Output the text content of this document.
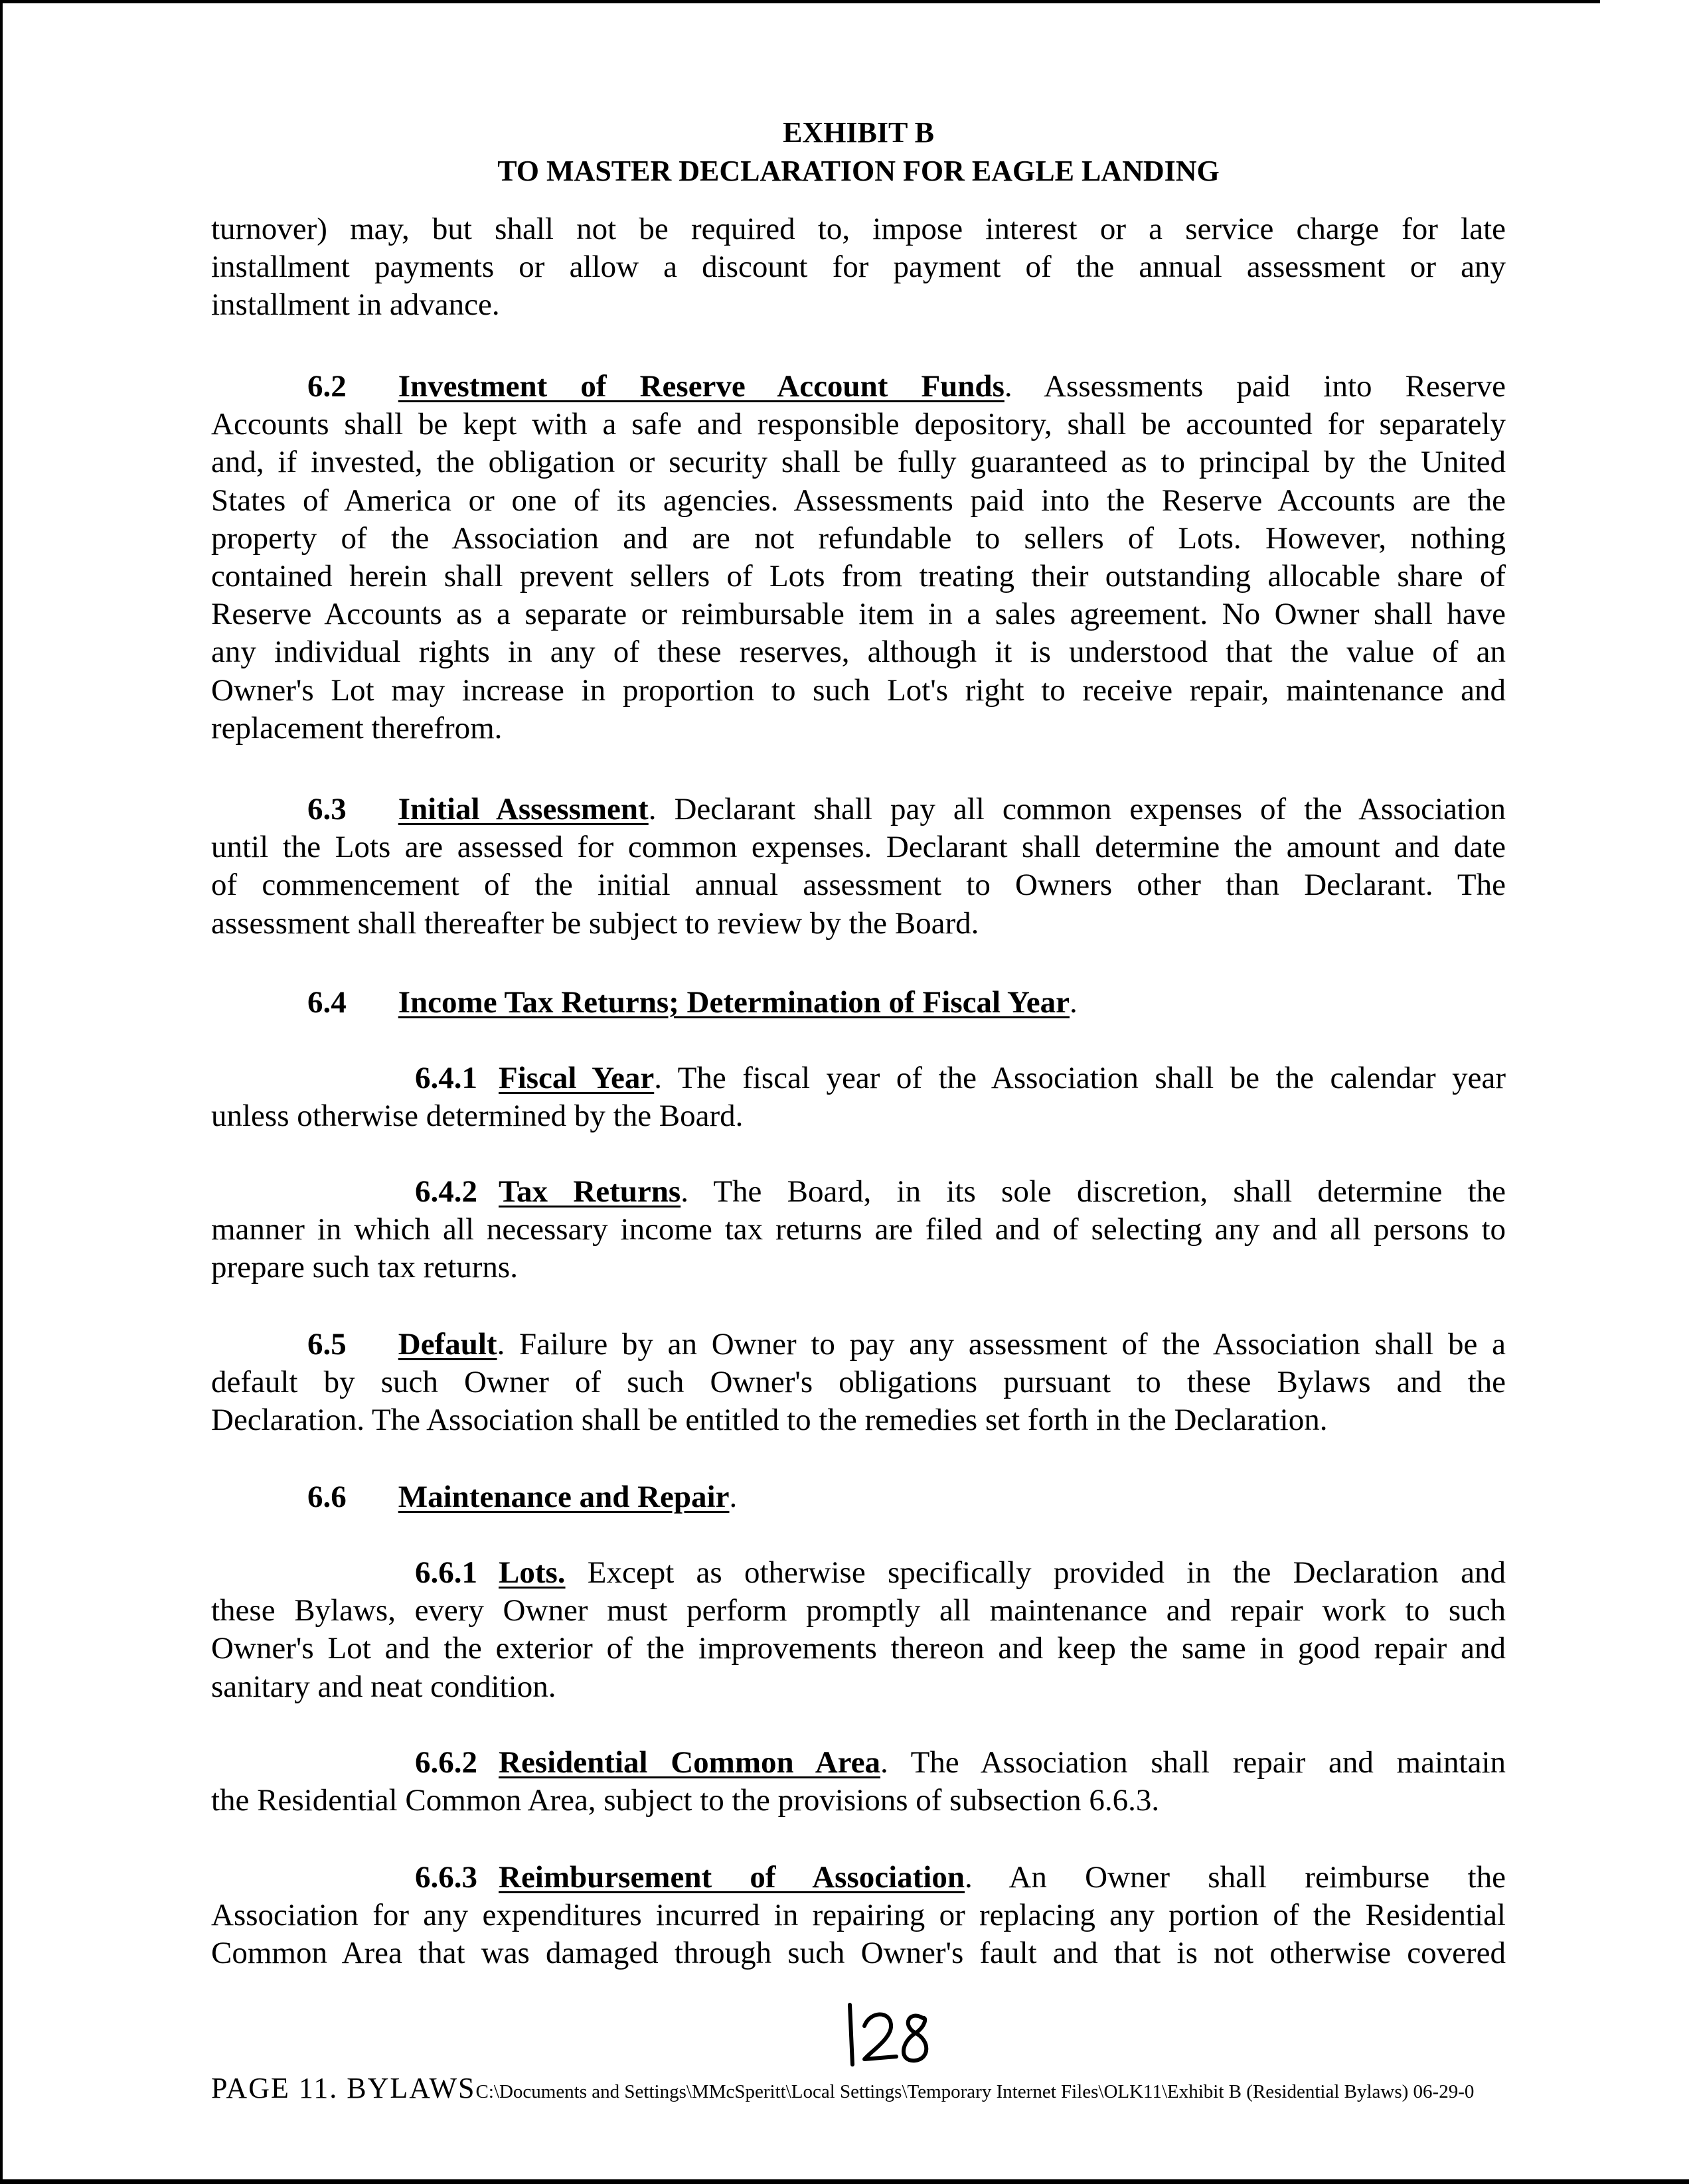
EXHIBIT B
TO MASTER DECLARATION FOR EAGLE LANDING
turnover) may, but shall not be required to, impose interest or a service charge for late
installment payments or allow a discount for payment of the annual assessment or any
installment in advance.
6.2 Investment of Reserve Account Funds. Assessments paid into Reserve
Accounts shall be kept with a safe and responsible depository, shall be accounted for separately
and, if invested, the obligation or security shall be fully guaranteed as to principal by the United
States of America or one of its agencies. Assessments paid into the Reserve Accounts are the
property of the Association and are not refundable to sellers of Lots. However, nothing
contained herein shall prevent sellers of Lots from treating their outstanding allocable share of
Reserve Accounts as a separate or reimbursable item in a sales agreement. No Owner shall have
any individual rights in any of these reserves, although it is understood that the value of an
Owner's Lot may increase in proportion to such Lot's right to receive repair, maintenance and
replacement therefrom.
6.3 Initial Assessment. Declarant shall pay all common expenses of the Association
until the Lots are assessed for common expenses. Declarant shall determine the amount and date
of commencement of the initial annual assessment to Owners other than Declarant. The
assessment shall thereafter be subject to review by the Board.
6.4 Income Tax Returns; Determination of Fiscal Year.
6.4.1 Fiscal Year. The fiscal year of the Association shall be the calendar year
unless otherwise determined by the Board.
6.4.2 Tax Returns. The Board, in its sole discretion, shall determine the
manner in which all necessary income tax returns are filed and of selecting any and all persons to
prepare such tax returns.
6.5 Default. Failure by an Owner to pay any assessment of the Association shall be a
default by such Owner of such Owner's obligations pursuant to these Bylaws and the
Declaration. The Association shall be entitled to the remedies set forth in the Declaration.
6.6 Maintenance and Repair.
6.6.1 Lots. Except as otherwise specifically provided in the Declaration and
these Bylaws, every Owner must perform promptly all maintenance and repair work to such
Owner's Lot and the exterior of the improvements thereon and keep the same in good repair and
sanitary and neat condition.
6.6.2 Residential Common Area. The Association shall repair and maintain
the Residential Common Area, subject to the provisions of subsection 6.6.3.
6.6.3 Reimbursement of Association. An Owner shall reimburse the
Association for any expenditures incurred in repairing or replacing any portion of the Residential
Common Area that was damaged through such Owner's fault and that is not otherwise covered
PAGE 11. BYLAWSC:\Documents and Settings\MMcSperitt\Local Settings\Temporary Internet Files\OLK11\Exhibit B (Residential Bylaws) 06-29-0
